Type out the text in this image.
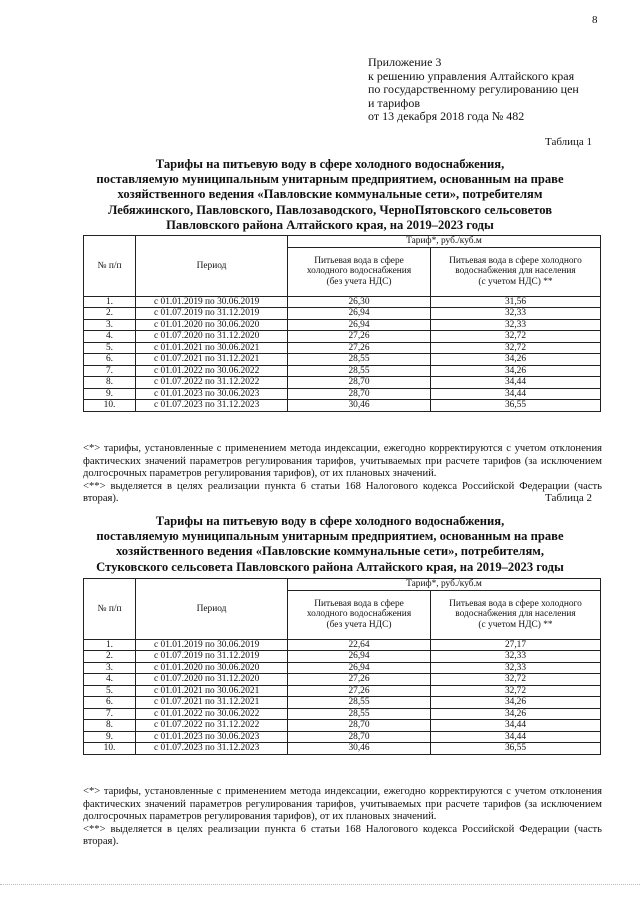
8
Приложение 3
к решению управления Алтайского края
по государственному регулированию цен
и тарифов
от 13 декабря 2018 года № 482
Таблица 1
Тарифы на питьевую воду в сфере холодного водоснабжения,
поставляемую муниципальным унитарным предприятием, основанным на праве
хозяйственного ведения «Павловские коммунальные сети», потребителям
Лебяжинского, Павловского, Павлозаводского, ЧерноПятовского сельсоветов
Павловского района Алтайского края, на 2019–2023 годы
№ п/п	Период	Тариф*, руб./куб.м	
		Питьевая вода в сфере холодного водоснабжения (без учета НДС)	Питьевая вода в сфере холодного водоснабжения для населения
(с учетом НДС) **

1.	с 01.01.2019 по 30.06.2019	26,30	31,56
2.	с 01.07.2019 по 31.12.2019	26,94	32,33
3.	с 01.01.2020 по 30.06.2020	26,94	32,33
4.	с 01.07.2020 по 31.12.2020	27,26	32,72
5.	с 01.01.2021 по 30.06.2021	27,26	32,72
6.	с 01.07.2021 по 31.12.2021	28,55	34,26
7.	с 01.01.2022 по 30.06.2022	28,55	34,26
8.	с 01.07.2022 по 31.12.2022	28,70	34,44
9.	с 01.01.2023 по 30.06.2023	28,70	34,44
10.	с 01.07.2023 по 31.12.2023	30,46	36,55

<*> тарифы, установленные с применением метода индексации, ежегодно корректируются с учетом отклонения фактических значений параметров регулирования тарифов, учитываемых при расчете тарифов (за исключением долгосрочных параметров регулирования тарифов), от их плановых значений.

<**> выделяется в целях реализации пункта 6 статьи 168 Налогового кодекса Российской Федерации (часть вторая).	Таблица 2
Тарифы на питьевую воду в сфере холодного водоснабжения,
поставляемую муниципальным унитарным предприятием, основанным на праве
хозяйственного ведения «Павловские коммунальные сети», потребителям,
Стуковского сельсовета Павловского района Алтайского края, на 2019–2023 годы
№ п/п	Период	Тариф*, руб./куб.м	
		Питьевая вода в сфере холодного водоснабжения (без учета НДС)	Питьевая вода в сфере холодного водоснабжения для населения
(с учетом НДС) **

1.	с 01.01.2019 по 30.06.2019	22,64	27,17
2.	с 01.07.2019 по 31.12.2019	26,94	32,33
3.	с 01.01.2020 по 30.06.2020	26,94	32,33
4.	с 01.07.2020 по 31.12.2020	27,26	32,72
5.	с 01.01.2021 по 30.06.2021	27,26	32,72
6.	с 01.07.2021 по 31.12.2021	28,55	34,26
7.	с 01.01.2022 по 30.06.2022	28,55	34,26
8.	с 01.07.2022 по 31.12.2022	28,70	34,44
9.	с 01.01.2023 по 30.06.2023	28,70	34,44
10.	с 01.07.2023 по 31.12.2023	30,46	36,55

<*> тарифы, установленные с применением метода индексации, ежегодно корректируются с учетом отклонения фактических значений параметров регулирования тарифов, учитываемых при расчете тарифов (за исключением долгосрочных параметров регулирования тарифов), от их плановых значений.

<**> выделяется в целях реализации пункта 6 статьи 168 Налогового кодекса Российской Федерации (часть вторая).
